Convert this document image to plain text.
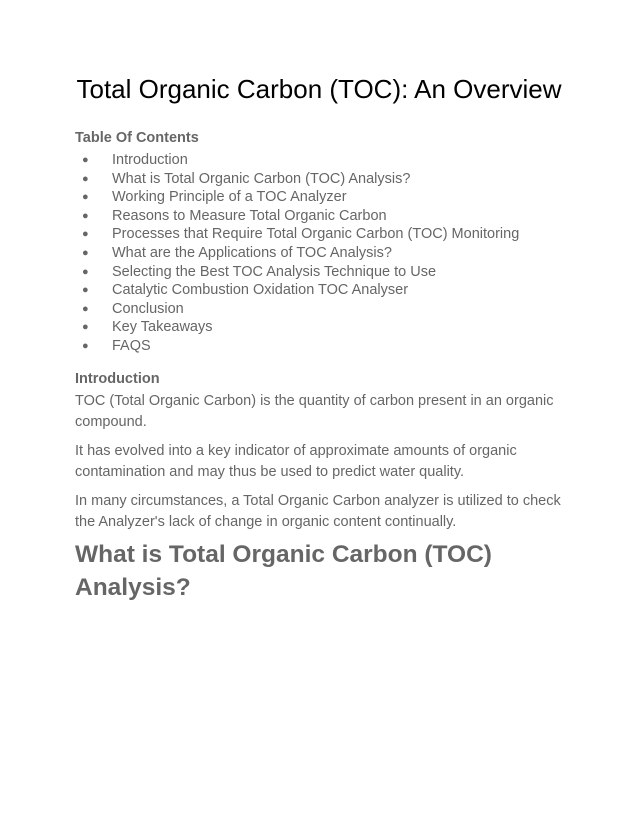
Total Organic Carbon (TOC): An Overview
Table Of Contents
●	Introduction
●	What is Total Organic Carbon (TOC) Analysis?
●	Working Principle of a TOC Analyzer
●	Reasons to Measure Total Organic Carbon
●	Processes that Require Total Organic Carbon (TOC) Monitoring
●	What are the Applications of TOC Analysis?
●	Selecting the Best TOC Analysis Technique to Use
●	Catalytic Combustion Oxidation TOC Analyser
●	Conclusion
●	Key Takeaways
●	FAQS
Introduction

TOC (Total Organic Carbon) is the quantity of carbon present in an organic compound.

It has evolved into a key indicator of approximate amounts of organic contamination and may thus be used to predict water quality.

In many circumstances, a Total Organic Carbon analyzer is utilized to check the Analyzer's lack of change in organic content continually.

What is Total Organic Carbon (TOC) Analysis?
